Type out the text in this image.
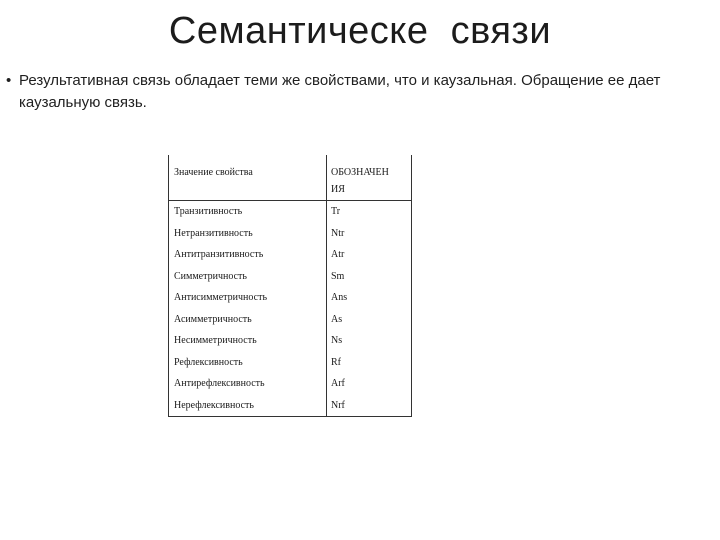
Семантическе  связи
• Результативная связь обладает теми же свойствами, что и каузальная. Обращение ее дает каузальную связь.
Значение свойства	ОБОЗНАЧЕН
ИЯ
Транзитивность	Tr
Нетранзитивность	Ntr
Антитранзитивность	Atr
Симметричность	Sm
Антисимметричность	Ans
Асимметричность	As
Несимметричность	Ns
Рефлексивность	Rf
Антирефлексивность	Arf
Нерефлексивность	Nrf
